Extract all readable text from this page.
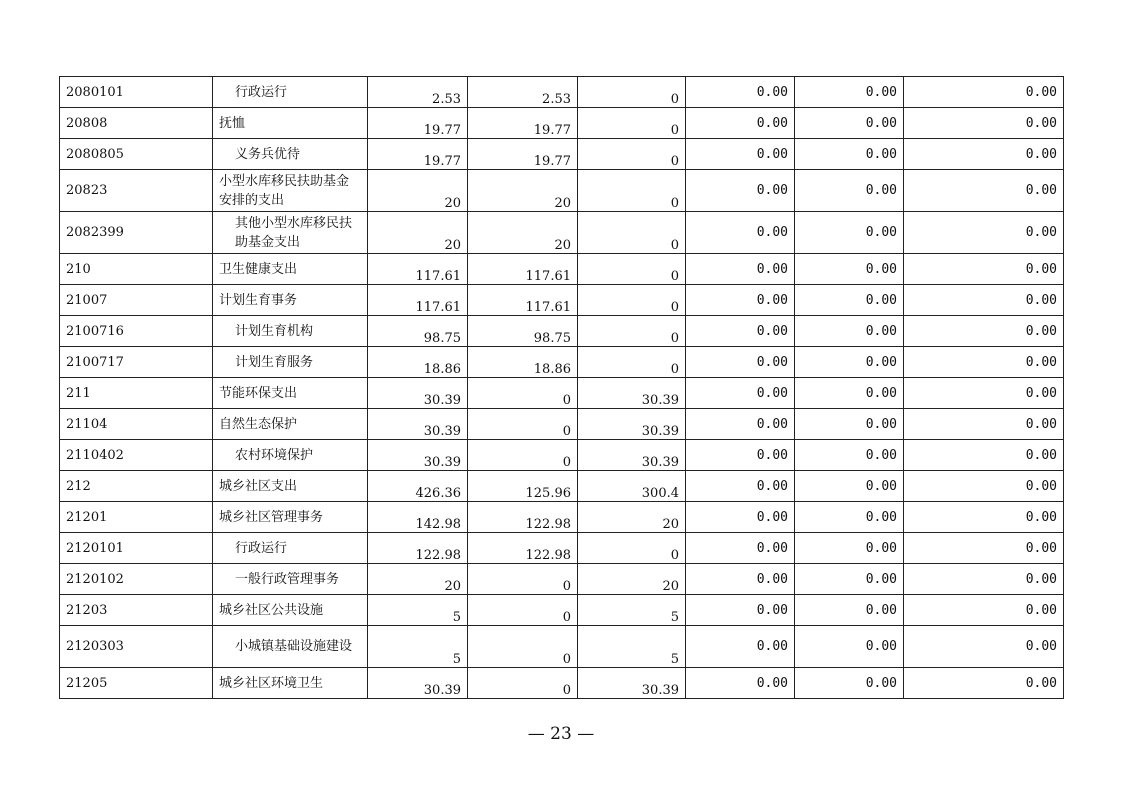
2080101	行政运行	2.53	2.53	0	0.00	0.00	0.00
20808	抚恤	19.77	19.77	0	0.00	0.00	0.00
2080805	义务兵优待	19.77	19.77	0	0.00	0.00	0.00
20823	小型水库移民扶助基金安排的支出	20	20	0	0.00	0.00	0.00
2082399	其他小型水库移民扶助基金支出	20	20	0	0.00	0.00	0.00
210	卫生健康支出	117.61	117.61	0	0.00	0.00	0.00
21007	计划生育事务	117.61	117.61	0	0.00	0.00	0.00
2100716	计划生育机构	98.75	98.75	0	0.00	0.00	0.00
2100717	计划生育服务	18.86	18.86	0	0.00	0.00	0.00
211	节能环保支出	30.39	0	30.39	0.00	0.00	0.00
21104	自然生态保护	30.39	0	30.39	0.00	0.00	0.00
2110402	农村环境保护	30.39	0	30.39	0.00	0.00	0.00
212	城乡社区支出	426.36	125.96	300.4	0.00	0.00	0.00
21201	城乡社区管理事务	142.98	122.98	20	0.00	0.00	0.00
2120101	行政运行	122.98	122.98	0	0.00	0.00	0.00
2120102	一般行政管理事务	20	0	20	0.00	0.00	0.00
21203	城乡社区公共设施	5	0	5	0.00	0.00	0.00
2120303	小城镇基础设施建设	5	0	5	0.00	0.00	0.00
21205	城乡社区环境卫生	30.39	0	30.39	0.00	0.00	0.00
— 23 —
